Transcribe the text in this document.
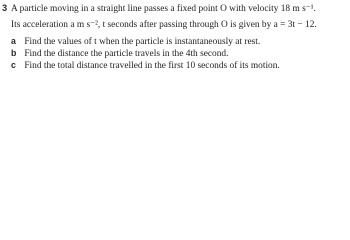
3 A particle moving in a straight line passes a fixed point O with velocity 18 m s⁻¹.
Its acceleration a m s⁻², t seconds after passing through O is given by a = 3t − 12.
a Find the values of t when the particle is instantaneously at rest.
b Find the distance the particle travels in the 4th second.
c Find the total distance travelled in the first 10 seconds of its motion.
